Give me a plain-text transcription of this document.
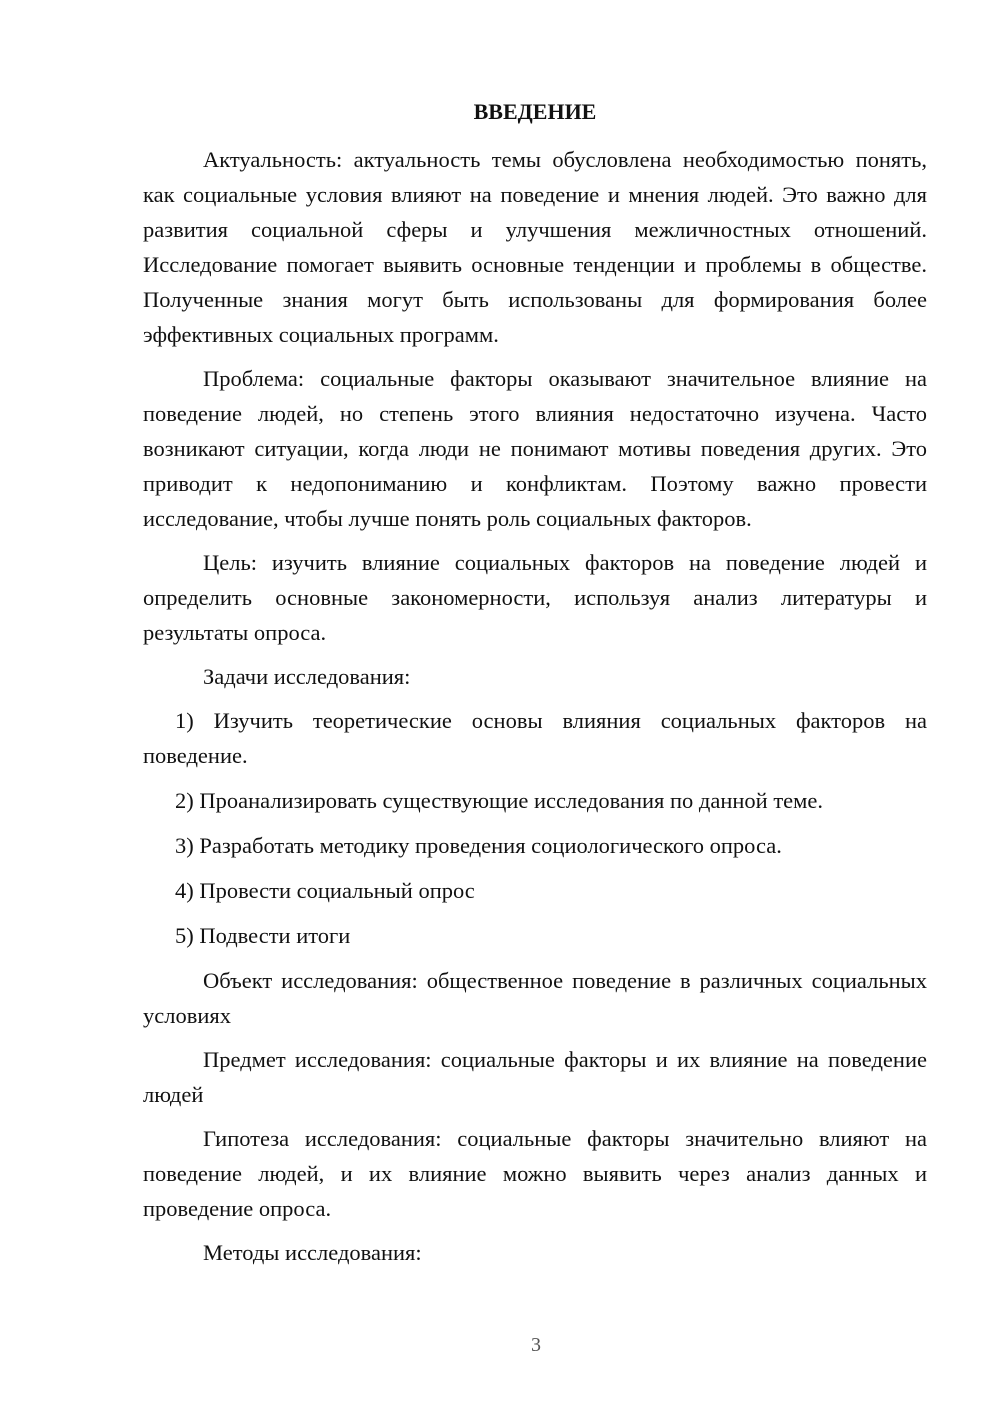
ВВЕДЕНИЕ

Актуальность: актуальность темы обусловлена необходимостью понять, как социальные условия влияют на поведение и мнения людей. Это важно для развития социальной сферы и улучшения межличностных отношений. Исследование помогает выявить основные тенденции и проблемы в обществе. Полученные знания могут быть использованы для формирования более эффективных социальных программ.

Проблема: социальные факторы оказывают значительное влияние на поведение людей, но степень этого влияния недостаточно изучена. Часто возникают ситуации, когда люди не понимают мотивы поведения других. Это приводит к недопониманию и конфликтам. Поэтому важно провести исследование, чтобы лучше понять роль социальных факторов.

Цель: изучить влияние социальных факторов на поведение людей и определить основные закономерности, используя анализ литературы и результаты опроса.

Задачи исследования:

1) Изучить теоретические основы влияния социальных факторов на поведение.

2) Проанализировать существующие исследования по данной теме.

3) Разработать методику проведения социологического опроса.

4) Провести социальный опрос

5) Подвести итоги

Объект исследования: общественное поведение в различных социальных условиях

Предмет исследования: социальные факторы и их влияние на поведение людей

Гипотеза исследования: социальные факторы значительно влияют на поведение людей, и их влияние можно выявить через анализ данных и проведение опроса.

Методы исследования:

3
